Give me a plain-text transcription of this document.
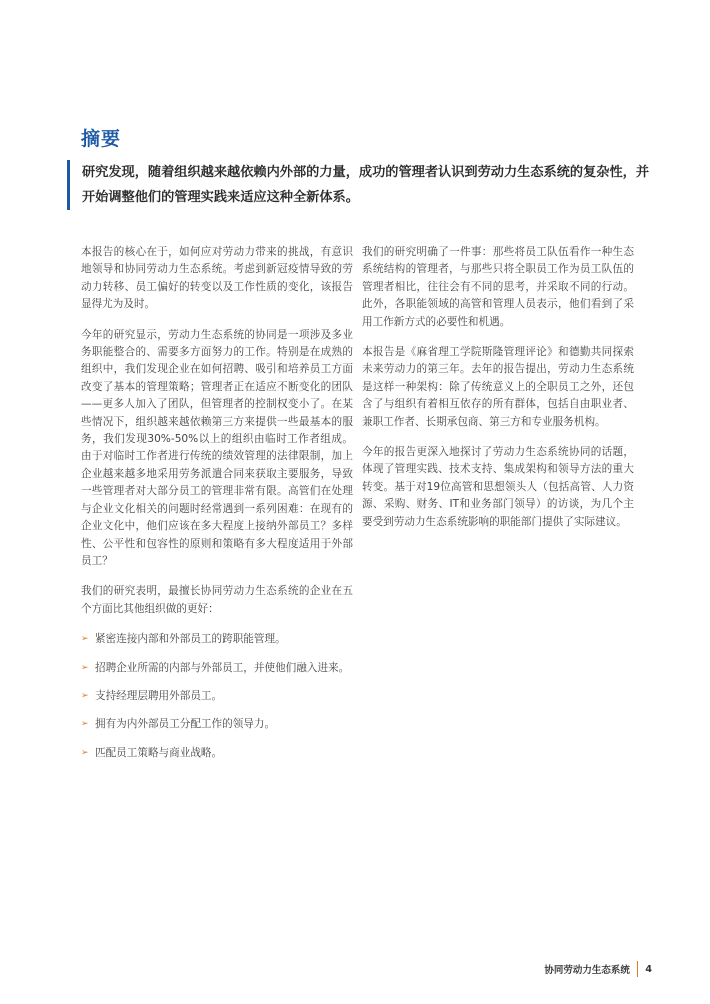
摘要
研究发现，随着组织越来越依赖内外部的力量，成功的管理者认识到劳动力生态系统的复杂性，并开始调整他们的管理实践来适应这种全新体系。

本报告的核心在于，如何应对劳动力带来的挑战，有意识地领导和协同劳动力生态系统。考虑到新冠疫情导致的劳动力转移、员工偏好的转变以及工作性质的变化，该报告显得尤为及时。

今年的研究显示，劳动力生态系统的协同是一项涉及多业务职能整合的、需要多方面努力的工作。特别是在成熟的组织中，我们发现企业在如何招聘、吸引和培养员工方面改变了基本的管理策略；管理者正在适应不断变化的团队——更多人加入了团队，但管理者的控制权变小了。在某些情况下，组织越来越依赖第三方来提供一些最基本的服务，我们发现30%-50%以上的组织由临时工作者组成。由于对临时工作者进行传统的绩效管理的法律限制，加上企业越来越多地采用劳务派遣合同来获取主要服务，导致一些管理者对大部分员工的管理非常有限。高管们在处理与企业文化相关的问题时经常遇到一系列困难：在现有的企业文化中，他们应该在多大程度上接纳外部员工？多样性、公平性和包容性的原则和策略有多大程度适用于外部员工？

我们的研究表明，最擅长协同劳动力生态系统的企业在五个方面比其他组织做的更好：

➢ 紧密连接内部和外部员工的跨职能管理。
➢ 招聘企业所需的内部与外部员工，并使他们融入进来。
➢ 支持经理层聘用外部员工。
➢ 拥有为内外部员工分配工作的领导力。
➢ 匹配员工策略与商业战略。

我们的研究明确了一件事：那些将员工队伍看作一种生态系统结构的管理者，与那些只将全职员工作为员工队伍的管理者相比，往往会有不同的思考，并采取不同的行动。此外，各职能领域的高管和管理人员表示，他们看到了采用工作新方式的必要性和机遇。

本报告是《麻省理工学院斯隆管理评论》和德勤共同探索未来劳动力的第三年。去年的报告提出，劳动力生态系统是这样一种架构：除了传统意义上的全职员工之外，还包含了与组织有着相互依存的所有群体，包括自由职业者、兼职工作者、长期承包商、第三方和专业服务机构。

今年的报告更深入地探讨了劳动力生态系统协同的话题，体现了管理实践、技术支持、集成架构和领导方法的重大转变。基于对19位高管和思想领头人（包括高管、人力资源、采购、财务、IT和业务部门领导）的访谈，为几个主要受到劳动力生态系统影响的职能部门提供了实际建议。

协同劳动力生态系统 4
